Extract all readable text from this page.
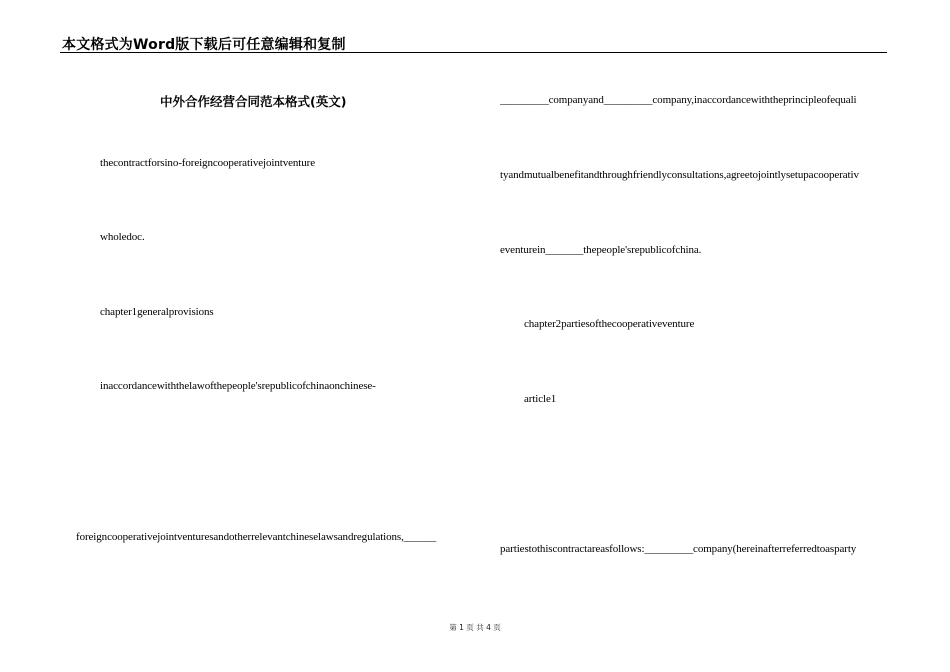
本文格式为Word版下载后可任意编辑和复制
中外合作经营合同范本格式(英文)
thecontractforsino-foreigncooperativejointventure
wholedoc.
chapter1generalprovisions
inaccordancewiththelawofthepeople'srepublicofchinaonchinese-
foreigncooperativejointventuresandotherrelevantchineselawsandregulations,______
_________companyand_________company,inaccordancewiththeprincipleofequali
tyandmutualbenefitandthroughfriendlyconsultations,agreetojointlysetupacooperativ
eventurein_______thepeople'srepublicofchina.
chapter2partiesofthecooperativeventure
article1
partiestothiscontractareasfollows:_________company(hereinafterreferredtoasparty
第 1 页 共 4 页
